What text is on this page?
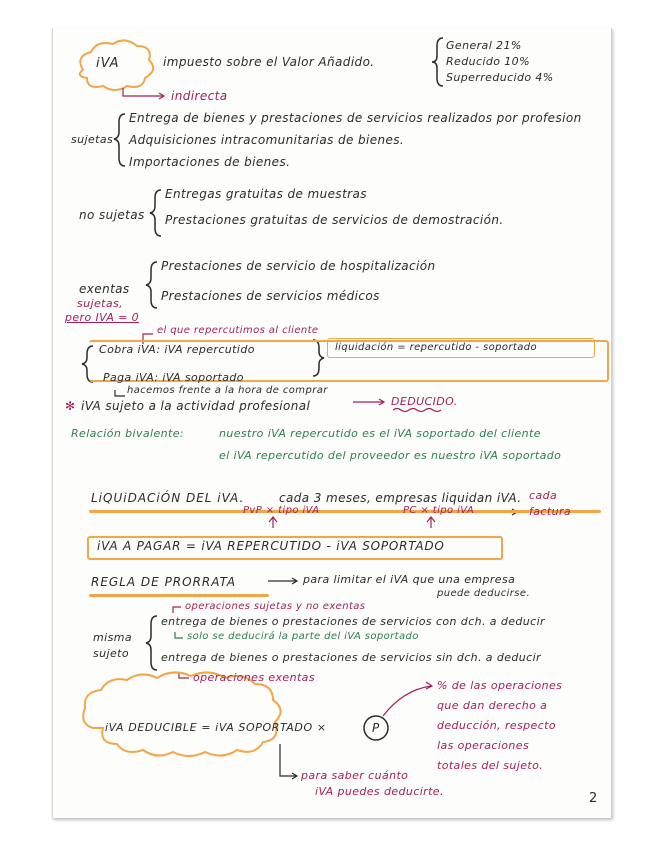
iVA	impuesto sobre el Valor Añadido.
General 21%
Reducido 10%
Superreducido 4%
indirecta
sujetas
Entrega de bienes y prestaciones de servicios realizados por profesion
Adquisiciones intracomunitarias de bienes.
Importaciones de bienes.
no sujetas
Entregas gratuitas de muestras
Prestaciones gratuitas de servicios de demostración.
exentas
sujetas,
pero IVA = 0
Prestaciones de servicio de hospitalización
Prestaciones de servicios médicos
el que repercutimos al cliente
Cobra iVA: iVA repercutido
Paga iVA: iVA soportado
liquidación = repercutido - soportado
hacemos frente a la hora de comprar
DEDUCIDO.
✻ iVA sujeto a la actividad profesional
Relación bivalente:	nuestro iVA repercutido es el iVA soportado del cliente
el iVA repercutido del proveedor es nuestro iVA soportado
LiQUiDACiÓN DEL iVA.	cada 3 meses, empresas liquidan iVA.
PvP × tipo iVA	PC × tipo iVA
cada
factura
iVA A PAGAR = iVA REPERCUTIDO - iVA SOPORTADO
REGLA DE PRORRATA	para limitar el iVA que una empresa
puede deducirse.
misma
sujeto
operaciones sujetas y no exentas
entrega de bienes o prestaciones de servicios con dch. a deducir
solo se deducirá la parte del iVA soportado
entrega de bienes o prestaciones de servicios sin dch. a deducir
operaciones exentas
iVA DEDUCIBLE = iVA SOPORTADO ×	P
% de las operaciones
que dan derecho a
deducción, respecto
las operaciones
totales del sujeto.
para saber cuánto
iVA puedes deducirte.	2
